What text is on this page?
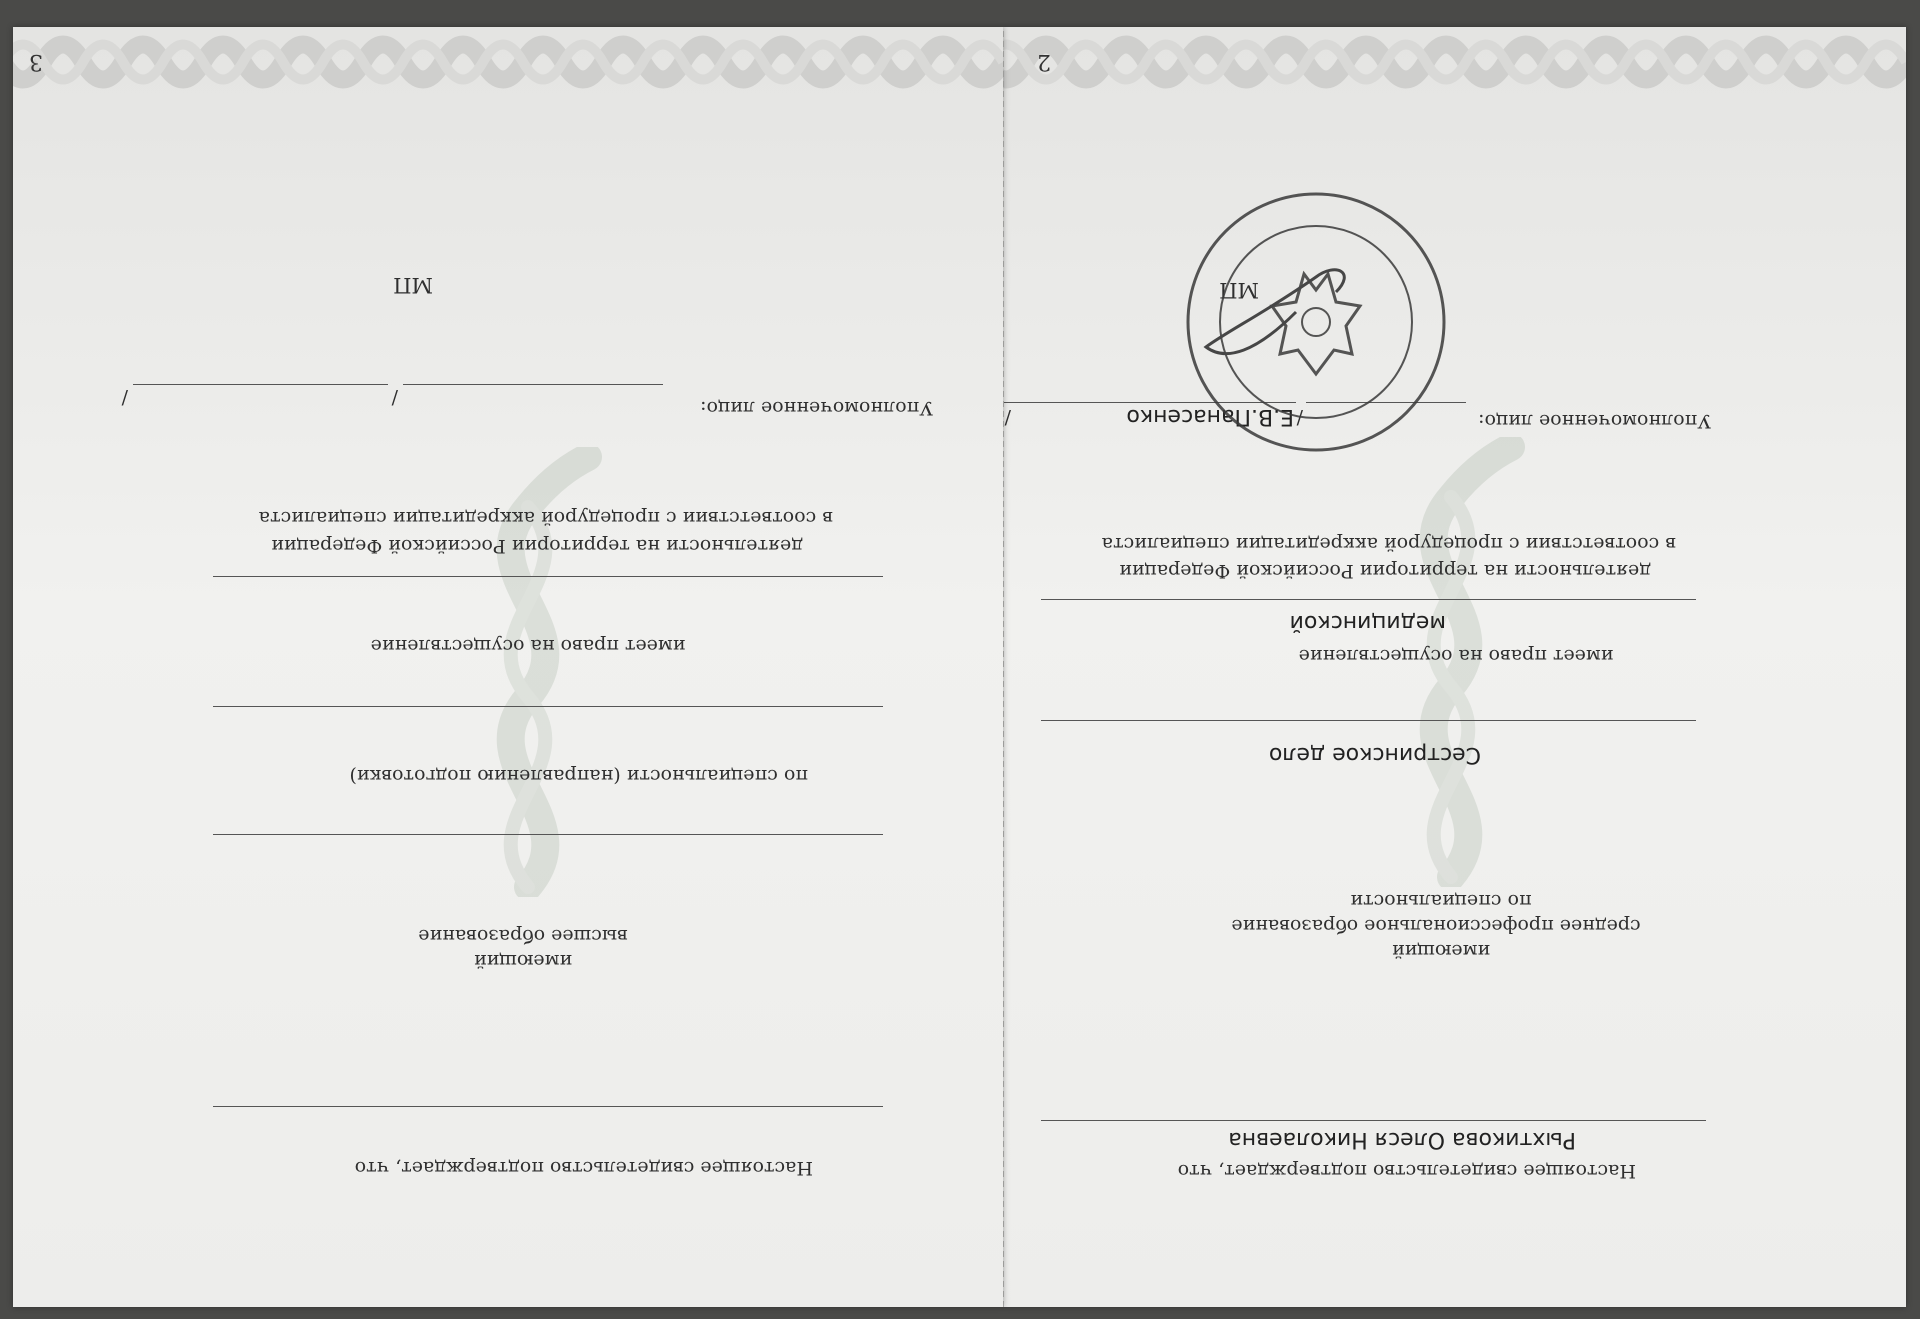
Настоящее свидетельство подтверждает, что
Рыхтикова Олеся Николаевна
имеющий
среднее профессиональное образование
по специальности
Сестринское дело
имеет право на осуществление
медицинской
деятельности на территории Российской Федерации
в соответствии с процедурой аккредитации специалиста
Уполномоченное лицо:
/
Е.В.Панасенко
/
МП
2
Настоящее свидетельство подтверждает, что
имеющий
высшее образование
по специальности (направлению подготовки)
имеет право на осуществление
деятельности на территории Российской Федерации
в соответствии с процедурой аккредитации специалиста
Уполномоченное лицо:
/
/
МП
3
